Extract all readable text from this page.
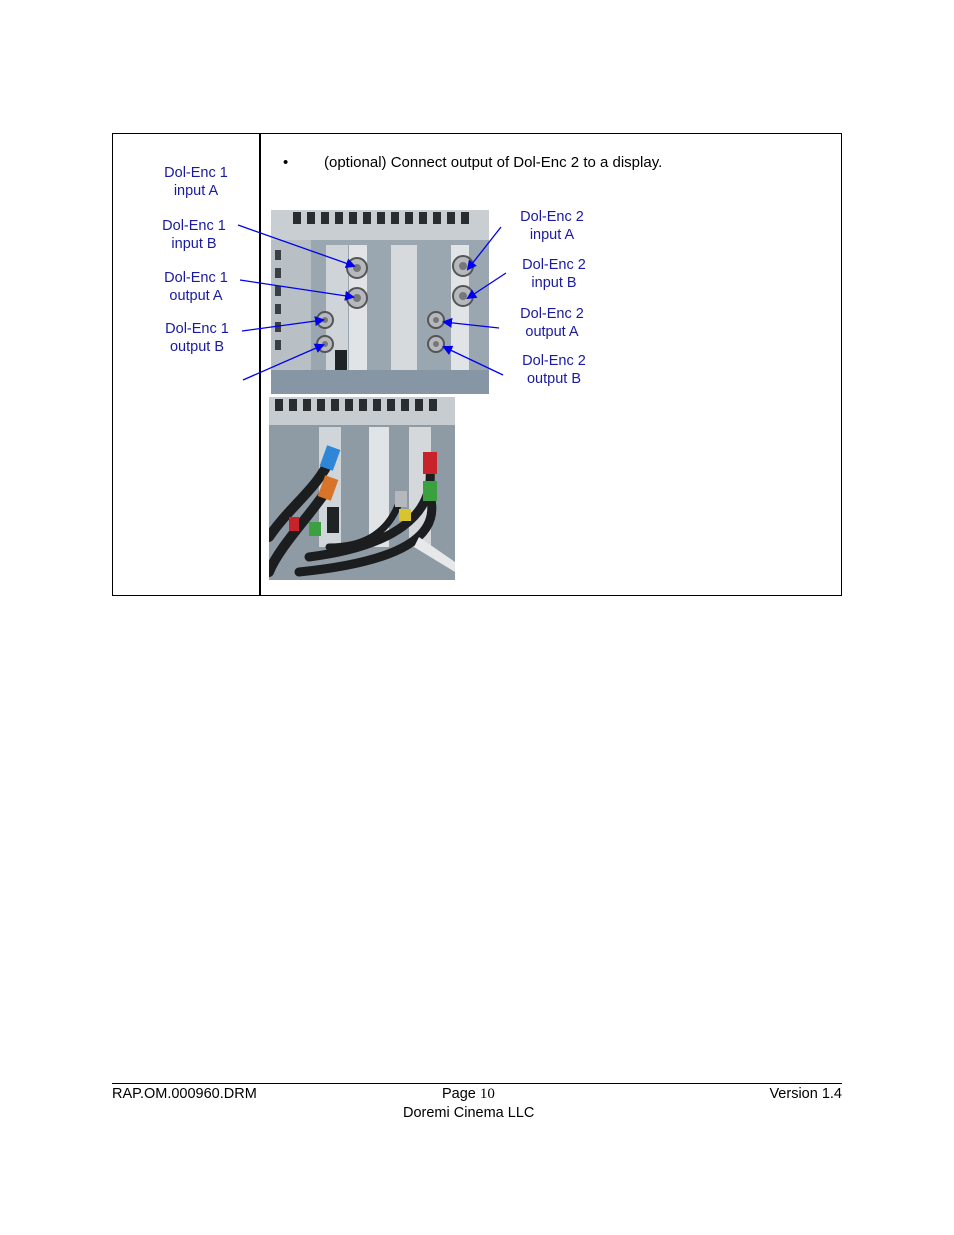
• (optional) Connect output of Dol-Enc 2 to a display.
Dol-Enc 1
input A
Dol-Enc 1
input B
Dol-Enc 1
output A
Dol-Enc 1
output B
Dol-Enc 2
input A
Dol-Enc 2
input B
Dol-Enc 2
output A
Dol-Enc 2
output B
RAP.OM.000960.DRM	Page 10	Version 1.4
Doremi Cinema LLC
